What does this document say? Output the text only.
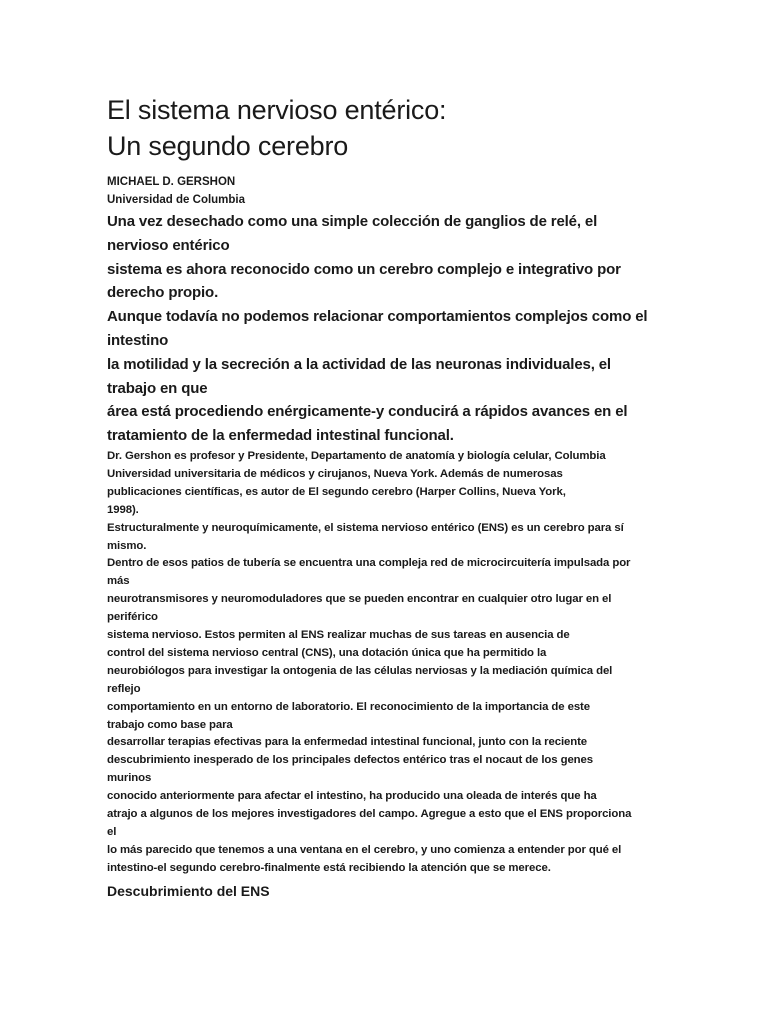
El sistema nervioso entérico:
Un segundo cerebro
MICHAEL D. GERSHON
Universidad de Columbia
Una vez desechado como una simple colección de ganglios de relé, el
nervioso entérico
sistema es ahora reconocido como un cerebro complejo e integrativo por
derecho propio.
Aunque todavía no podemos relacionar comportamientos complejos como el
intestino
la motilidad y la secreción a la actividad de las neuronas individuales, el
trabajo en que
área está procediendo enérgicamente-y conducirá a rápidos avances en el
tratamiento de la enfermedad intestinal funcional.
Dr. Gershon es profesor y Presidente, Departamento de anatomía y biología celular, Columbia
Universidad universitaria de médicos y cirujanos, Nueva York. Además de numerosas
publicaciones científicas, es autor de El segundo cerebro (Harper Collins, Nueva York,
1998).
Estructuralmente y neuroquímicamente, el sistema nervioso entérico (ENS) es un cerebro para sí
mismo.
Dentro de esos patios de tubería se encuentra una compleja red de microcircuitería impulsada por
más
neurotransmisores y neuromoduladores que se pueden encontrar en cualquier otro lugar en el
periférico
sistema nervioso. Estos permiten al ENS realizar muchas de sus tareas en ausencia de
control del sistema nervioso central (CNS), una dotación única que ha permitido la
neurobiólogos para investigar la ontogenia de las células nerviosas y la mediación química del
reflejo
comportamiento en un entorno de laboratorio. El reconocimiento de la importancia de este
trabajo como base para
desarrollar terapias efectivas para la enfermedad intestinal funcional, junto con la reciente
descubrimiento inesperado de los principales defectos entérico tras el nocaut de los genes
murinos
conocido anteriormente para afectar el intestino, ha producido una oleada de interés que ha
atrajo a algunos de los mejores investigadores del campo. Agregue a esto que el ENS proporciona
el
lo más parecido que tenemos a una ventana en el cerebro, y uno comienza a entender por qué el
intestino-el segundo cerebro-finalmente está recibiendo la atención que se merece.
Descubrimiento del ENS
